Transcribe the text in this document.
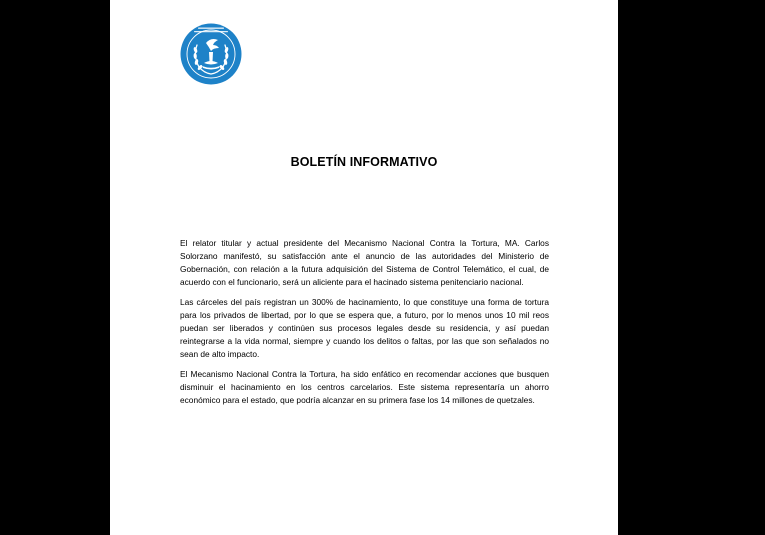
BOLETÍN INFORMATIVO

El relator titular y actual presidente del Mecanismo Nacional Contra la Tortura, MA. Carlos Solorzano manifestó, su satisfacción ante el anuncio de las autoridades del Ministerio de Gobernación, con relación a la futura adquisición del Sistema de Control Telemático, el cual, de acuerdo con el funcionario, será un aliciente para el hacinado sistema penitenciario nacional.

Las cárceles del país registran un 300% de hacinamiento, lo que constituye una forma de tortura para los privados de libertad, por lo que se espera que, a futuro, por lo menos unos 10 mil reos puedan ser liberados y continúen sus procesos legales desde su residencia, y así puedan reintegrarse a la vida normal, siempre y cuando los delitos o faltas, por las que son señalados no sean de alto impacto.

El Mecanismo Nacional Contra la Tortura, ha sido enfático en recomendar acciones que busquen disminuir el hacinamiento en los centros carcelarios. Este sistema representaría un ahorro económico para el estado, que podría alcanzar en su primera fase los 14 millones de quetzales.
